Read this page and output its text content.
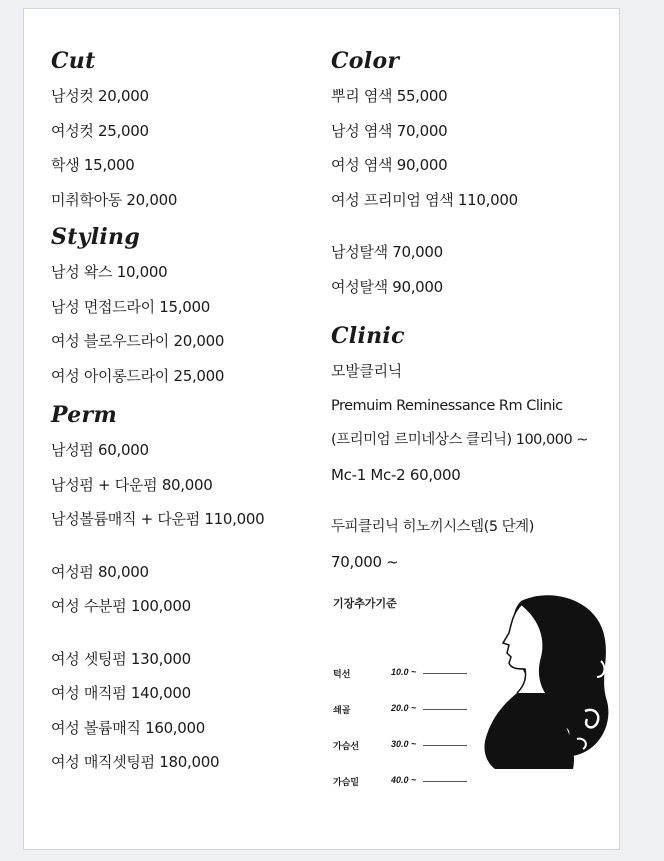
Cut
남성컷 20,000
여성컷 25,000
학생 15,000
미취학아동 20,000
Styling
남성 왁스 10,000
남성 면접드라이 15,000
여성 블로우드라이 20,000
여성 아이롱드라이 25,000
Perm
남성펌 60,000
남성펌 + 다운펌 80,000
남성볼륨매직 + 다운펌 110,000
여성펌 80,000
여성 수분펌 100,000
여성 셋팅펌 130,000
여성 매직펌 140,000
여성 볼륨매직 160,000
여성 매직셋팅펌 180,000
Color
뿌리 염색 55,000
남성 염색 70,000
여성 염색 90,000
여성 프리미엄 염색 110,000
남성탈색 70,000
여성탈색 90,000
Clinic
모발클리닉
Premuim Reminessance Rm Clinic
(프리미엄 르미네상스 클리닉) 100,000 ~
Mc-1 Mc-2 60,000
두피클리닉 히노끼시스템(5 단계)
70,000 ~
기장추가기준
턱선	10.0 ~
쇄골	20.0 ~
가슴선	30.0 ~
가슴밑	40.0 ~
